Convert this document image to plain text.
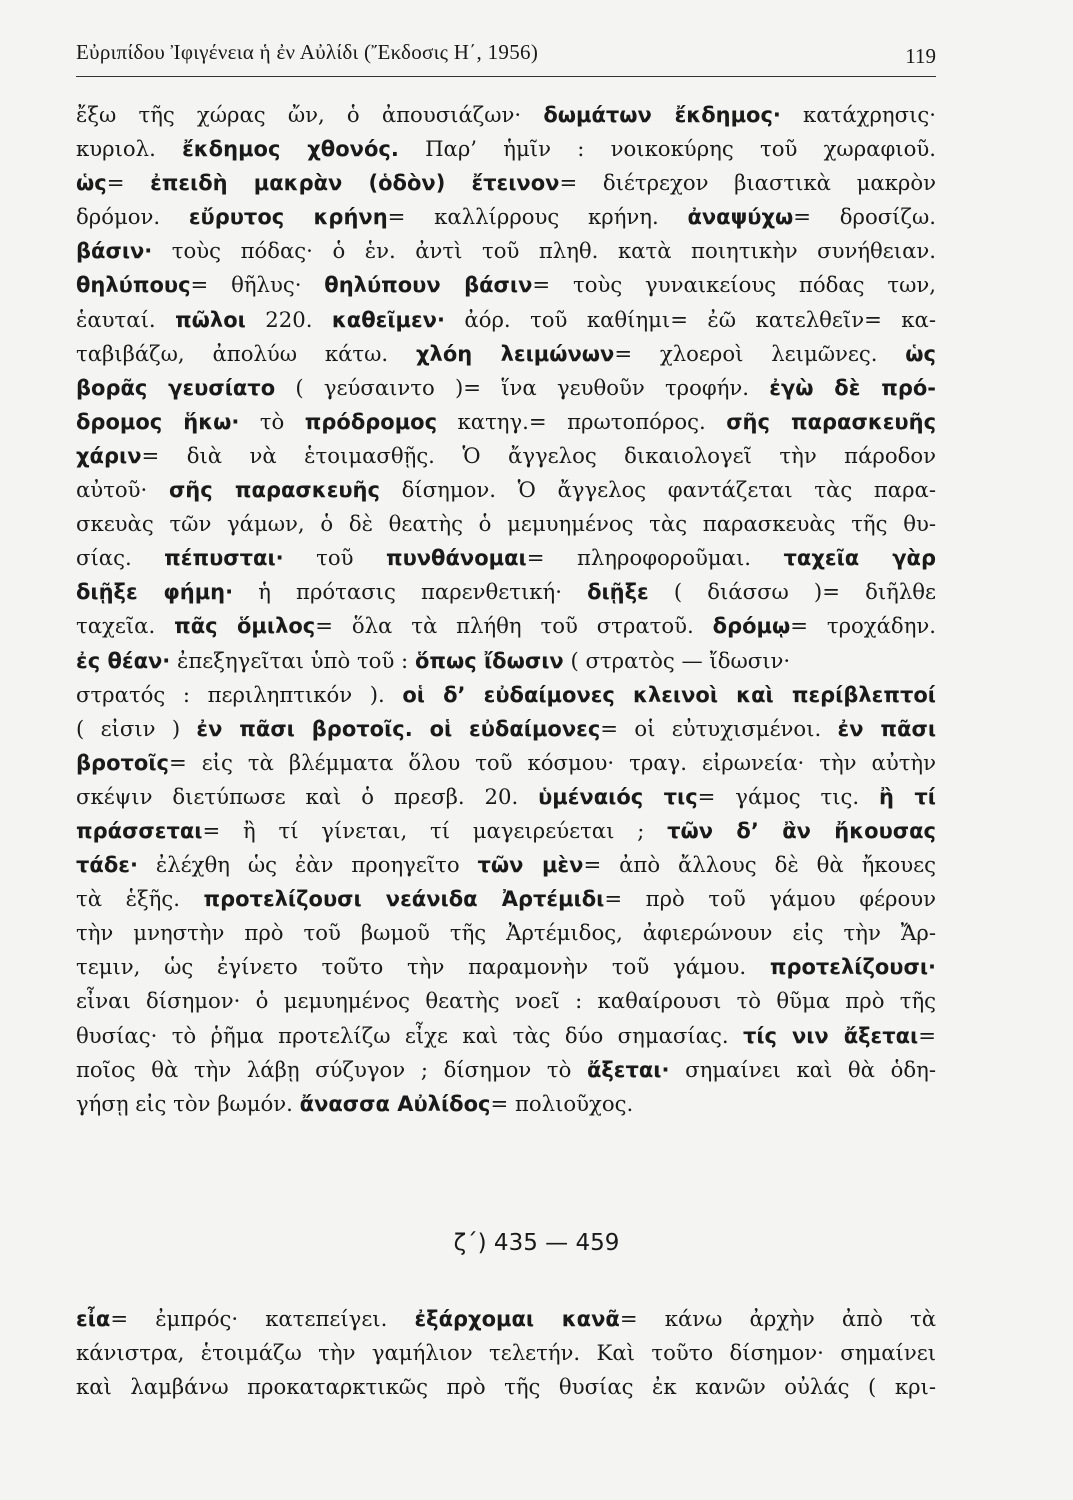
Εὐριπίδου Ἰφιγένεια ἡ ἐν Αὐλίδι (Ἔκδοσις Η΄, 1956)	119
ἔξω τῆς χώρας ὤν, ὁ ἀπουσιάζων· δωμάτων ἔκδημος· κατάχρησις·
κυριολ. ἔκδημος χθονός. Παρ’ ἡμῖν : νοικοκύρης τοῦ χωραφιοῦ.
ὡς= ἐπειδὴ μακρὰν (ὁδὸν) ἔτεινον= διέτρεχον βιαστικὰ μακρὸν
δρόμον. εὔρυτος κρήνη= καλλίρρους κρήνη. ἀναψύχω= δροσίζω.
βάσιν· τοὺς πόδας· ὁ ἑν. ἀντὶ τοῦ πληθ. κατὰ ποιητικὴν συνήθειαν.
θηλύπους= θῆλυς· θηλύπουν βάσιν= τοὺς γυναικείους πόδας των,
ἑαυταί. πῶλοι 220. καθεῖμεν· ἀόρ. τοῦ καθίημι= ἐῶ κατελθεῖν= κα-
ταβιβάζω, ἀπολύω κάτω. χλόη λειμώνων= χλοεροὶ λειμῶνες. ὡς
βορᾶς γευσίατο ( γεύσαιντο )= ἵνα γευθοῦν τροφήν. ἐγὼ δὲ πρό-
δρομος ἥκω· τὸ πρόδρομος κατηγ.= πρωτοπόρος. σῆς παρασκευῆς
χάριν= διὰ νὰ ἑτοιμασθῇς. Ὁ ἄγγελος δικαιολογεῖ τὴν πάροδον
αὐτοῦ· σῆς παρασκευῆς δίσημον. Ὁ ἄγγελος φαντάζεται τὰς παρα-
σκευὰς τῶν γάμων, ὁ δὲ θεατὴς ὁ μεμυημένος τὰς παρασκευὰς τῆς θυ-
σίας. πέπυσται· τοῦ πυνθάνομαι= πληροφοροῦμαι. ταχεῖα γὰρ
διῇξε φήμη· ἡ πρότασις παρενθετική· διῇξε ( διάσσω )= διῆλθε
ταχεῖα. πᾶς ὅμιλος= ὅλα τὰ πλήθη τοῦ στρατοῦ. δρόμῳ= τροχάδην.
ἐς θέαν· ἐπεξηγεῖται ὑπὸ τοῦ : ὅπως ἴδωσιν ( στρατὸς — ἴδωσιν·
στρατός : περιληπτικόν ). οἱ δ’ εὐδαίμονες κλεινοὶ καὶ περίβλεπτοί
( εἰσιν ) ἐν πᾶσι βροτοῖς. οἱ εὐδαίμονες= οἱ εὐτυχισμένοι. ἐν πᾶσι
βροτοῖς= εἰς τὰ βλέμματα ὅλου τοῦ κόσμου· τραγ. εἰρωνεία· τὴν αὐτὴν
σκέψιν διετύπωσε καὶ ὁ πρεσβ. 20. ὑμέναιός τις= γάμος τις. ἢ τί
πράσσεται= ἢ τί γίνεται, τί μαγειρεύεται ; τῶν δ’ ἂν ἤκουσας
τάδε· ἐλέχθη ὡς ἐὰν προηγεῖτο τῶν μὲν= ἀπὸ ἄλλους δὲ θὰ ἤκουες
τὰ ἑξῆς. προτελίζουσι νεάνιδα Ἀρτέμιδι= πρὸ τοῦ γάμου φέρουν
τὴν μνηστὴν πρὸ τοῦ βωμοῦ τῆς Ἀρτέμιδος, ἀφιερώνουν εἰς τὴν Ἄρ-
τεμιν, ὡς ἐγίνετο τοῦτο τὴν παραμονὴν τοῦ γάμου. προτελίζουσι·
εἶναι δίσημον· ὁ μεμυημένος θεατὴς νοεῖ : καθαίρουσι τὸ θῦμα πρὸ τῆς
θυσίας· τὸ ῥῆμα προτελίζω εἶχε καὶ τὰς δύο σημασίας. τίς νιν ἄξεται=
ποῖος θὰ τὴν λάβῃ σύζυγον ; δίσημον τὸ ἄξεται· σημαίνει καὶ θὰ ὁδη-
γήσῃ εἰς τὸν βωμόν. ἄνασσα Αὐλίδος= πολιοῦχος.
ζ΄) 435 — 459
εἶα= ἐμπρός· κατεπείγει. ἐξάρχομαι κανᾶ= κάνω ἀρχὴν ἀπὸ τὰ
κάνιστρα, ἑτοιμάζω τὴν γαμήλιον τελετήν. Καὶ τοῦτο δίσημον· σημαίνει
καὶ λαμβάνω προκαταρκτικῶς πρὸ τῆς θυσίας ἐκ κανῶν οὐλάς ( κρι-
